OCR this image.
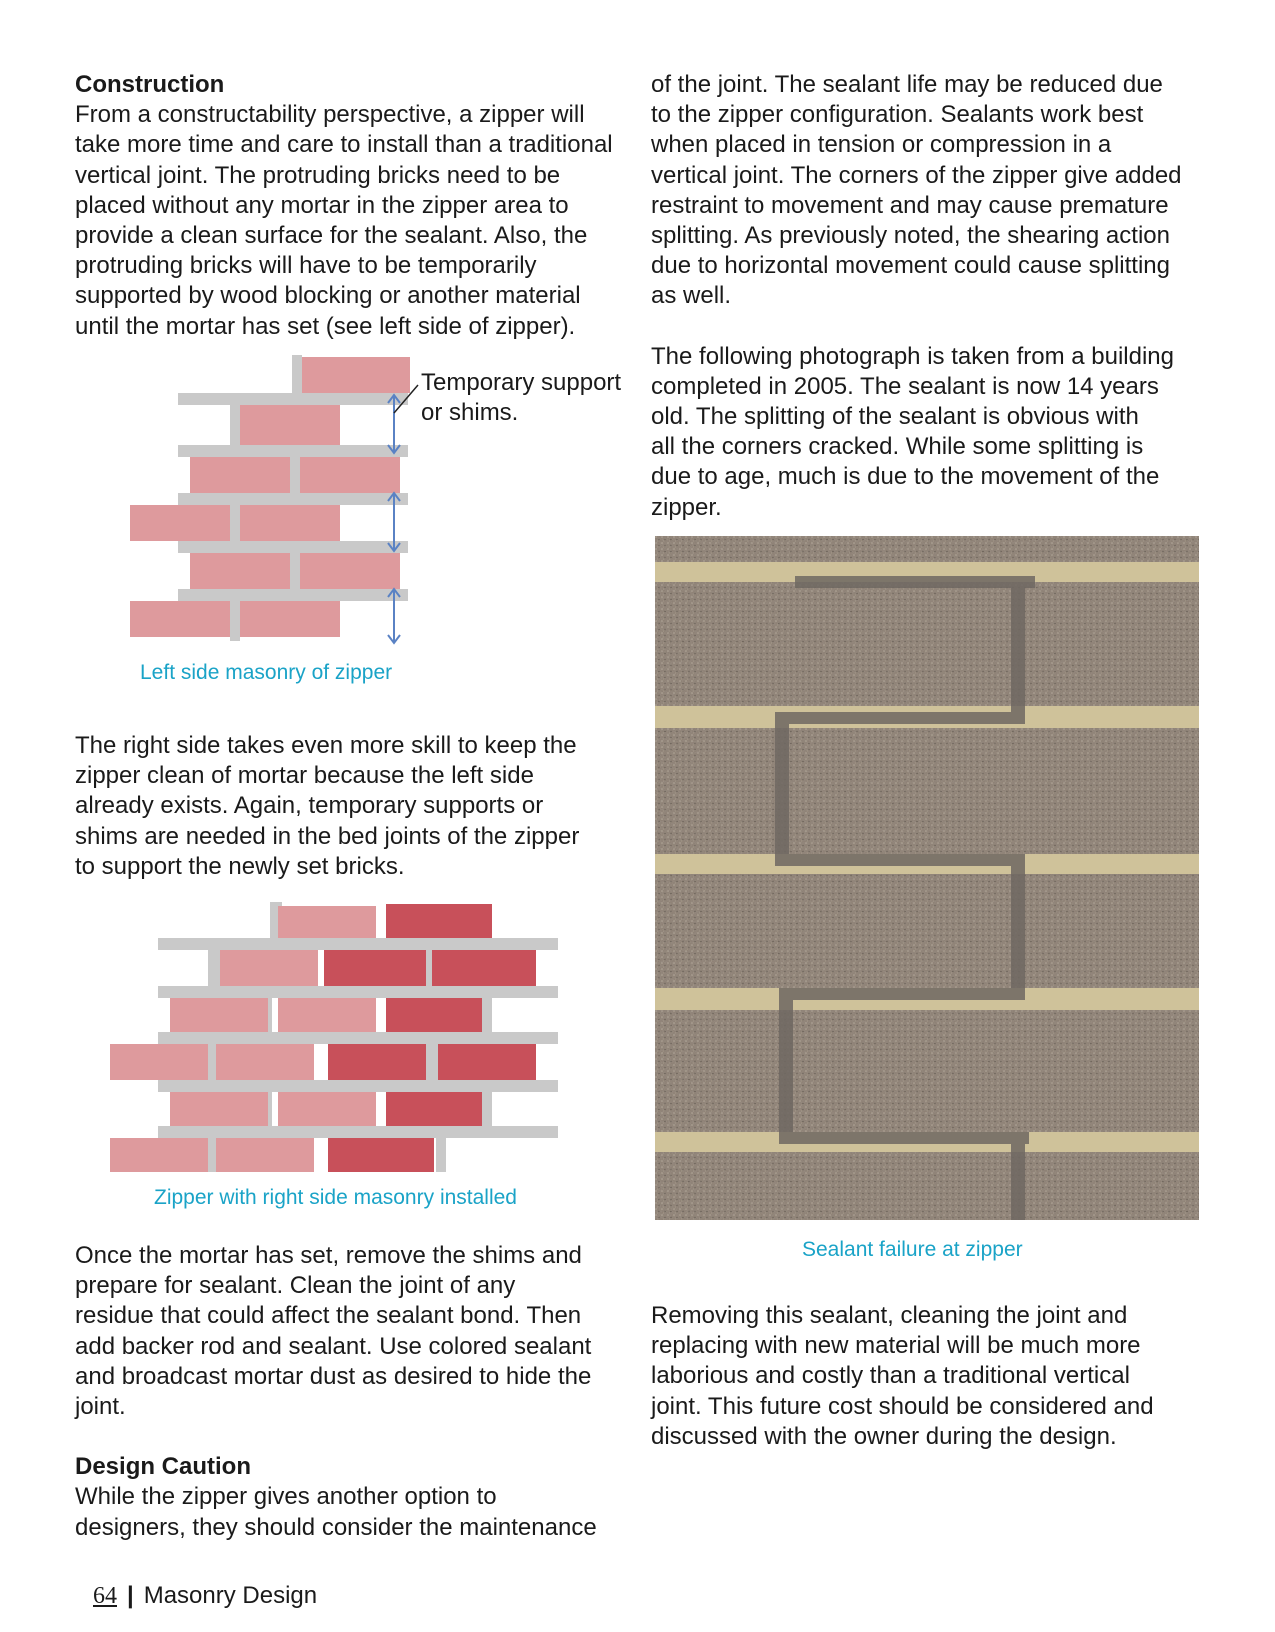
Construction
From a constructability perspective, a zipper will
take more time and care to install than a traditional
vertical joint. The protruding bricks need to be
placed without any mortar in the zipper area to
provide a clean surface for the sealant. Also, the
protruding bricks will have to be temporarily
supported by wood blocking or another material
until the mortar has set (see left side of zipper).
Temporary support
or shims.
Left side masonry of zipper
The right side takes even more skill to keep the
zipper clean of mortar because the left side
already exists. Again, temporary supports or
shims are needed in the bed joints of the zipper
to support the newly set bricks.
Zipper with right side masonry installed
Once the mortar has set, remove the shims and
prepare for sealant. Clean the joint of any
residue that could affect the sealant bond. Then
add backer rod and sealant. Use colored sealant
and broadcast mortar dust as desired to hide the
joint.
Design Caution
While the zipper gives another option to
designers, they should consider the maintenance
of the joint. The sealant life may be reduced due
to the zipper configuration. Sealants work best
when placed in tension or compression in a
vertical joint. The corners of the zipper give added
restraint to movement and may cause premature
splitting. As previously noted, the shearing action
due to horizontal movement could cause splitting
as well.
The following photograph is taken from a building
completed in 2005. The sealant is now 14 years
old. The splitting of the sealant is obvious with
all the corners cracked. While some splitting is
due to age, much is due to the movement of the
zipper.
Sealant failure at zipper
Removing this sealant, cleaning the joint and
replacing with new material will be much more
laborious and costly than a traditional vertical
joint. This future cost should be considered and
discussed with the owner during the design.
64 | Masonry Design
